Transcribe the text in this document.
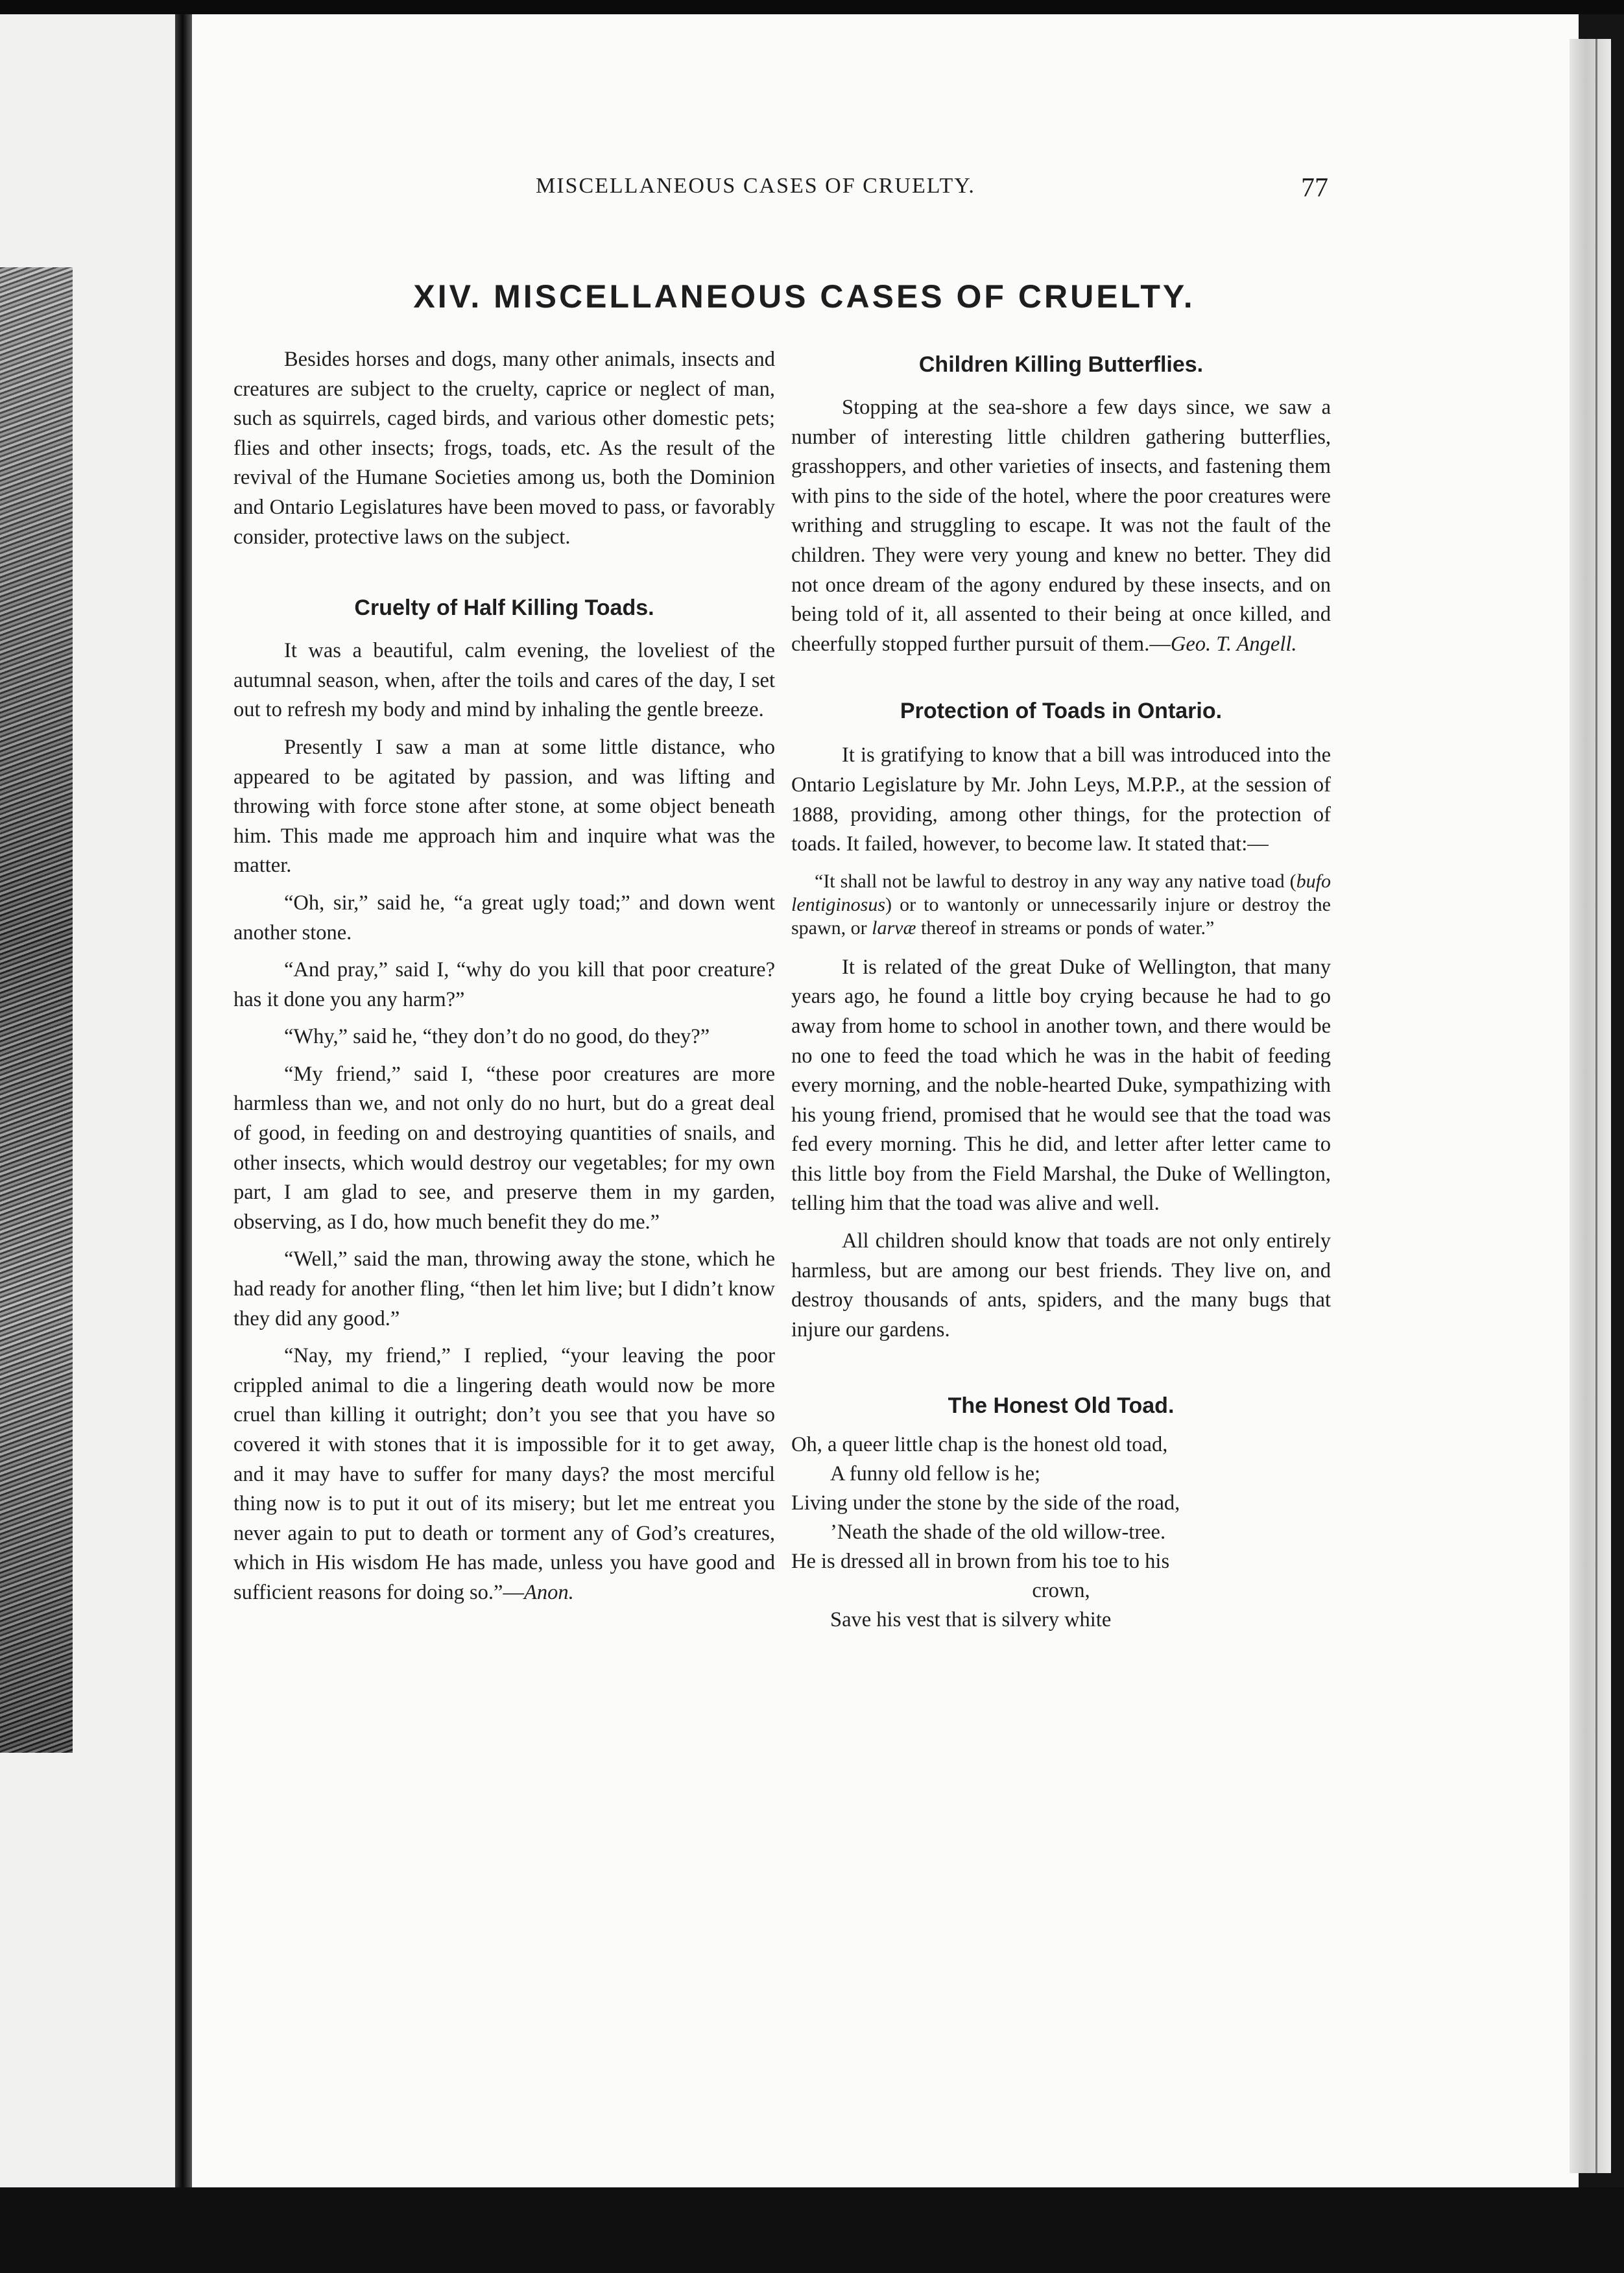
MISCELLANEOUS CASES OF CRUELTY.	77

XIV. MISCELLANEOUS CASES OF CRUELTY.

Besides horses and dogs, many other animals, insects and creatures are subject to the cruelty, caprice or neglect of man, such as squirrels, caged birds, and various other domestic pets; flies and other insects; frogs, toads, etc. As the result of the revival of the Humane Societies among us, both the Dominion and Ontario Legislatures have been moved to pass, or favorably consider, protective laws on the subject.

Cruelty of Half Killing Toads.

It was a beautiful, calm evening, the loveliest of the autumnal season, when, after the toils and cares of the day, I set out to refresh my body and mind by inhaling the gentle breeze.

Presently I saw a man at some little distance, who appeared to be agitated by passion, and was lifting and throwing with force stone after stone, at some object beneath him. This made me approach him and inquire what was the matter.

“Oh, sir,” said he, “a great ugly toad;” and down went another stone.

“And pray,” said I, “why do you kill that poor creature? has it done you any harm?”

“Why,” said he, “they don’t do no good, do they?”

“My friend,” said I, “these poor creatures are more harmless than we, and not only do no hurt, but do a great deal of good, in feeding on and destroying quantities of snails, and other insects, which would destroy our vegetables; for my own part, I am glad to see, and preserve them in my garden, observing, as I do, how much benefit they do me.”

“Well,” said the man, throwing away the stone, which he had ready for another fling, “then let him live; but I didn’t know they did any good.”

“Nay, my friend,” I replied, “your leaving the poor crippled animal to die a lingering death would now be more cruel than killing it outright; don’t you see that you have so covered it with stones that it is impossible for it to get away, and it may have to suffer for many days? the most merciful thing now is to put it out of its misery; but let me entreat you never again to put to death or torment any of God’s creatures, which in His wisdom He has made, unless you have good and sufficient reasons for doing so.”—Anon.

Children Killing Butterflies.

Stopping at the sea-shore a few days since, we saw a number of interesting little children gathering butterflies, grasshoppers, and other varieties of insects, and fastening them with pins to the side of the hotel, where the poor creatures were writhing and struggling to escape. It was not the fault of the children. They were very young and knew no better. They did not once dream of the agony endured by these insects, and on being told of it, all assented to their being at once killed, and cheerfully stopped further pursuit of them.—Geo. T. Angell.

Protection of Toads in Ontario.

It is gratifying to know that a bill was introduced into the Ontario Legislature by Mr. John Leys, M.P.P., at the session of 1888, providing, among other things, for the protection of toads. It failed, however, to become law. It stated that:—

“It shall not be lawful to destroy in any way any native toad (bufo lentiginosus) or to wantonly or unnecessarily injure or destroy the spawn, or larvæ thereof in streams or ponds of water.”

It is related of the great Duke of Wellington, that many years ago, he found a little boy crying because he had to go away from home to school in another town, and there would be no one to feed the toad which he was in the habit of feeding every morning, and the noble-hearted Duke, sympathizing with his young friend, promised that he would see that the toad was fed every morning. This he did, and letter after letter came to this little boy from the Field Marshal, the Duke of Wellington, telling him that the toad was alive and well.

All children should know that toads are not only entirely harmless, but are among our best friends. They live on, and destroy thousands of ants, spiders, and the many bugs that injure our gardens.

The Honest Old Toad.
Oh, a queer little chap is the honest old toad,
A funny old fellow is he;
Living under the stone by the side of the road,
’Neath the shade of the old willow-tree.
He is dressed all in brown from his toe to his
crown,
Save his vest that is silvery white
